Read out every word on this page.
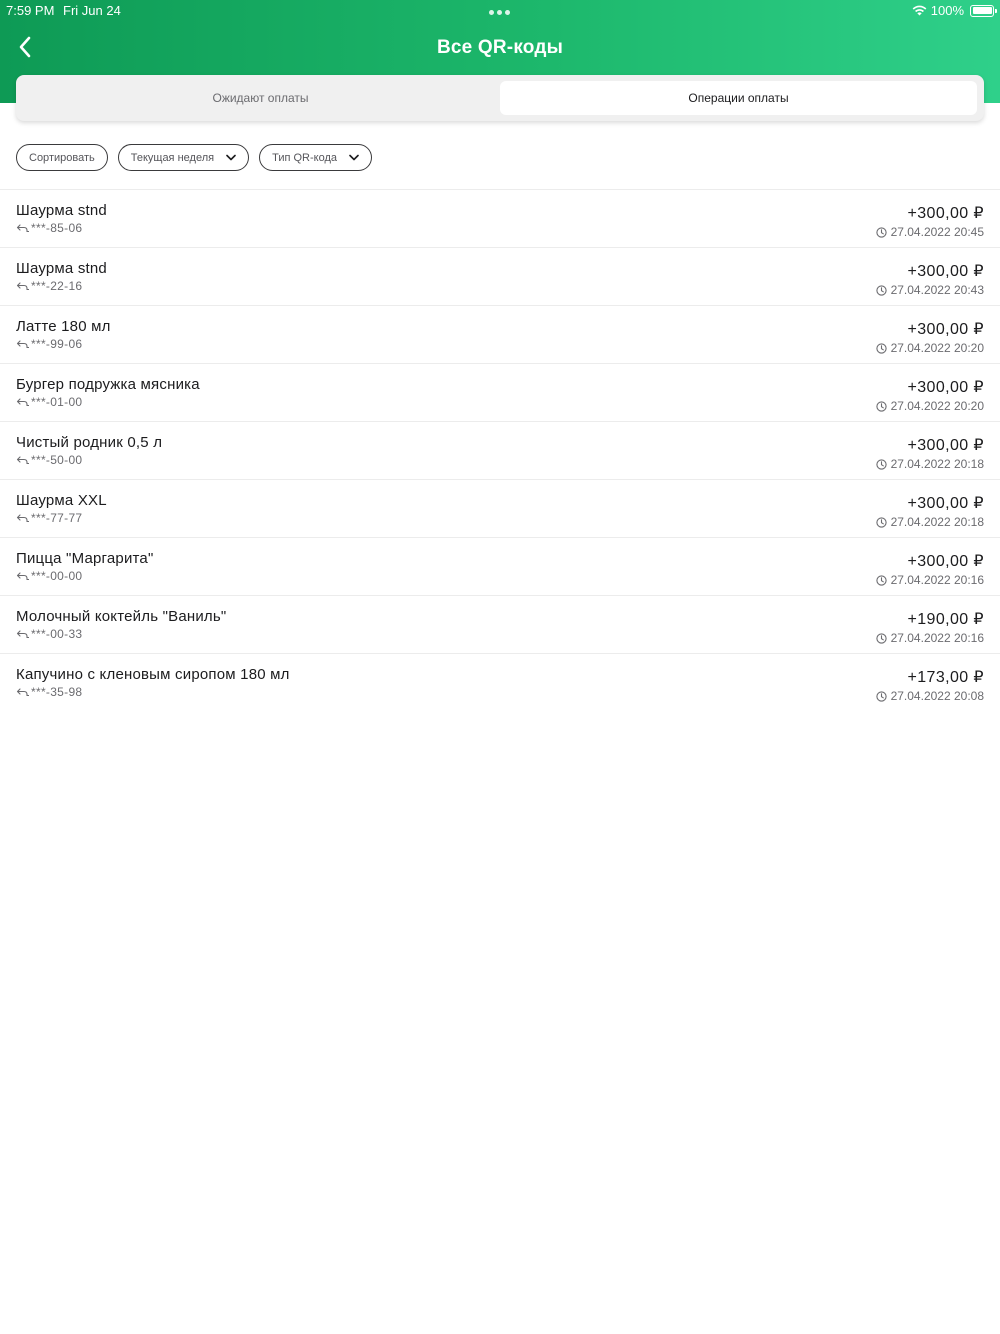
7:59 PM Fri Jun 24	100%
Все QR-коды
Ожидают оплаты	Операции оплаты
Сортировать	Текущая неделя	Тип QR-кода
Шаурма stnd
***-85-06
+300,00 ₽
27.04.2022 20:45
Шаурма stnd
***-22-16
+300,00 ₽
27.04.2022 20:43
Латте 180 мл
***-99-06
+300,00 ₽
27.04.2022 20:20
Бургер подружка мясника
***-01-00
+300,00 ₽
27.04.2022 20:20
Чистый родник 0,5 л
***-50-00
+300,00 ₽
27.04.2022 20:18
Шаурма XXL
***-77-77
+300,00 ₽
27.04.2022 20:18
Пицца "Маргарита"
***-00-00
+300,00 ₽
27.04.2022 20:16
Молочный коктейль "Ваниль"
***-00-33
+190,00 ₽
27.04.2022 20:16
Капучино с кленовым сиропом 180 мл
***-35-98
+173,00 ₽
27.04.2022 20:08
